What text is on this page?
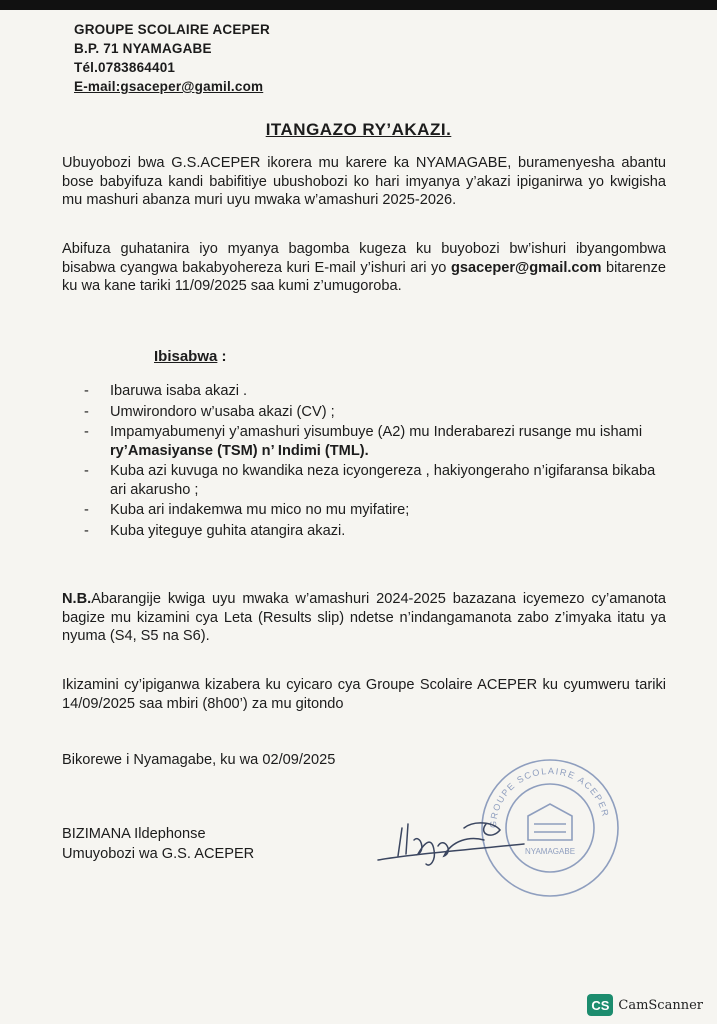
GROUPE SCOLAIRE ACEPER
B.P. 71 NYAMAGABE
Tél.0783864401
E-mail:gsaceper@gamil.com
ITANGAZO RY’AKAZI.
Ubuyobozi bwa G.S.ACEPER ikorera mu karere ka NYAMAGABE, buramenyesha abantu bose babyifuza kandi babifitiye ubushobozi ko hari imyanya y’akazi ipiganirwa yo kwigisha mu mashuri abanza muri uyu mwaka w’amashuri 2025-2026.
Abifuza guhatanira iyo myanya bagomba kugeza ku buyobozi bw’ishuri ibyangombwa bisabwa cyangwa bakabyohereza kuri E-mail y’ishuri ari yo gsaceper@gmail.com bitarenze ku wa kane tariki 11/09/2025 saa kumi z’umugoroba.
Ibisabwa :
- Ibaruwa isaba akazi .
- Umwirondoro w’usaba akazi (CV) ;
- Impamyabumenyi y’amashuri yisumbuye (A2) mu Inderabarezi rusange mu ishami ry’Amasiyanse (TSM) n’ Indimi (TML).
- Kuba azi kuvuga no kwandika neza icyongereza , hakiyongeraho n’igifaransa bikaba ari akarusho ;
- Kuba ari indakemwa mu mico no mu myifatire;
- Kuba yiteguye guhita atangira akazi.
N.B.Abarangije kwiga uyu mwaka w’amashuri 2024-2025 bazazana icyemezo cy’amanota bagize mu kizamini cya Leta (Results slip) ndetse n’indangamanota zabo z’imyaka itatu ya nyuma (S4, S5 na S6).
Ikizamini cy’ipiganwa kizabera ku cyicaro cya Groupe Scolaire ACEPER ku cyumweru tariki 14/09/2025 saa mbiri (8h00’) za mu gitondo
Bikorewe i Nyamagabe, ku wa 02/09/2025
BIZIMANA Ildephonse
Umuyobozi wa G.S. ACEPER
GROUPE SCOLAIRE ACEPER
NYAMAGABE
CS CamScanner
